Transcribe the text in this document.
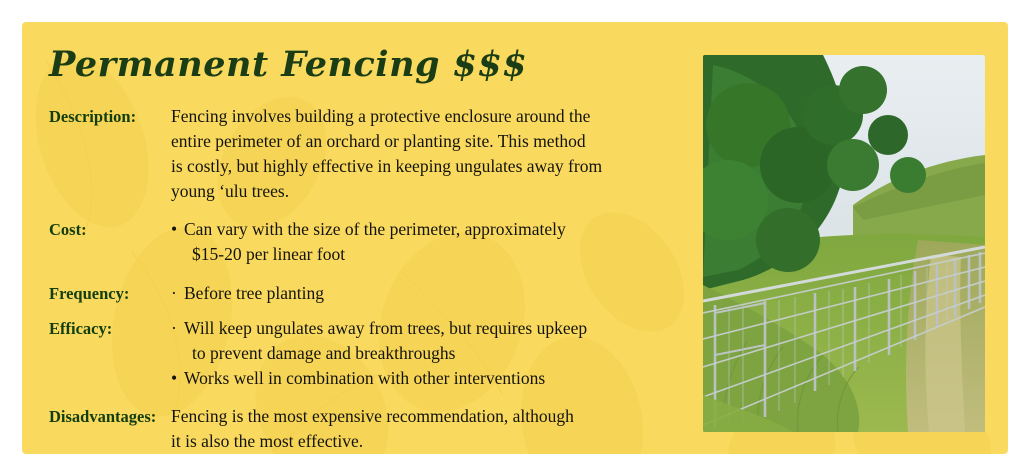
Permanent Fencing $$$
Description:	Fencing involves building a protective enclosure around the

entire perimeter of an orchard or planting site. This method

is costly, but highly effective in keeping ungulates away from

young ‘ulu trees.

Cost:	• Can vary with the size of the perimeter, approximately
$15-20 per linear foot

Frequency:	· Before tree planting

Efficacy:	· Will keep ungulates away from trees, but requires upkeep
to prevent damage and breakthroughs

• Works well in combination with other interventions

Disadvantages: Fencing is the most expensive recommendation, although

it is also the most effective.
